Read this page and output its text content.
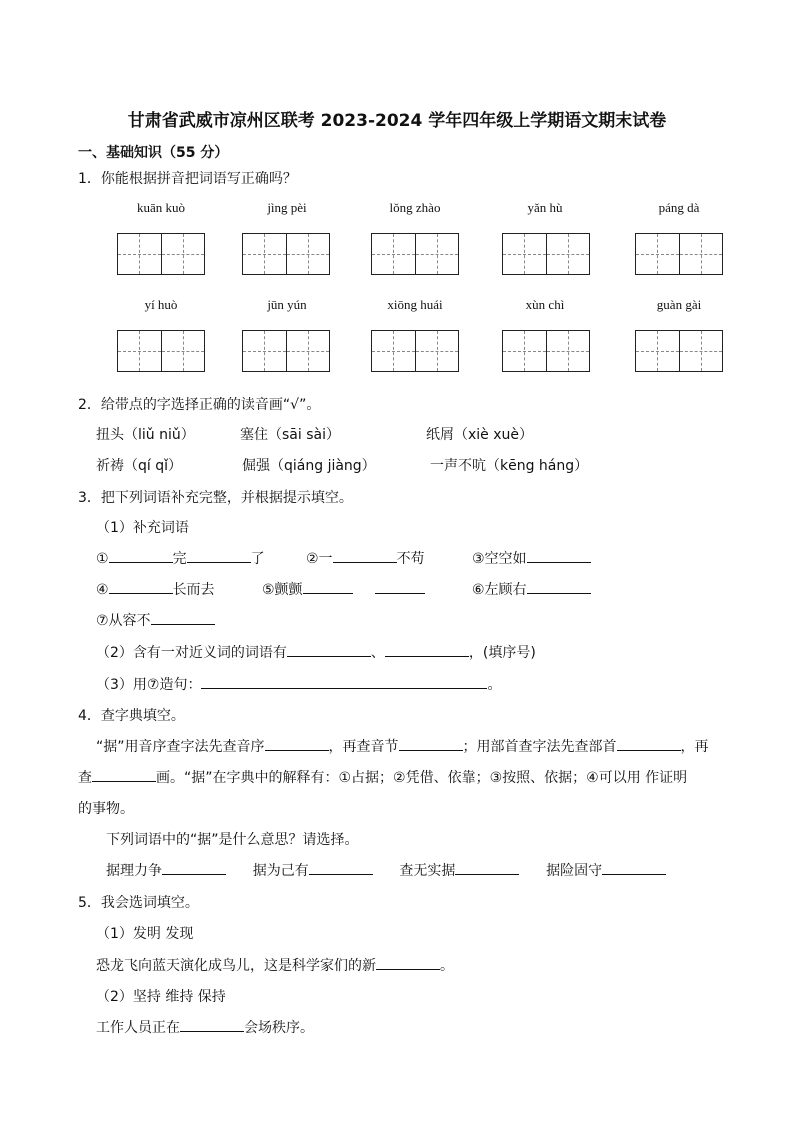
甘肃省武威市凉州区联考 2023-2024 学年四年级上学期语文期末试卷
一、基础知识（55 分）
1．你能根据拼音把词语写正确吗？
kuān kuò	jìng pèi	lǒng zhào	yǎn hù	páng dà
yí huò	jūn yún	xiōng huái	xùn chì	guàn gài
2．给带点的字选择正确的读音画“√”。
扭头（liǔ niǔ）	塞住（sāi sài）	纸屑（xiè xuè）
祈祷（qí qǐ）	倔强（qiáng jiàng）	一声不吭（kēng háng）
3．把下列词语补充完整，并根据提示填空。
（1）补充词语
①	完	了	②一	不苟	③空空如
④	长而去	⑤颤颤	⑥左顾右
⑦从容不
（2）含有一对近义词的词语有	、	，(填序号)
（3）用⑦造句：	。
4．查字典填空。
“据”用音序查字法先查音序	，再查音节	；用部首查字法先查部首	，再
查	画。“据”在字典中的解释有：①占据；②凭借、依靠；③按照、依据；④可以用 作证明
的事物。
下列词语中的“据”是什么意思？请选择。
据理力争	据为己有	查无实据	据险固守
5．我会选词填空。
（1）发明 发现
恐龙飞向蓝天演化成鸟儿，这是科学家们的新	。
（2）坚持 维持 保持
工作人员正在	会场秩序。
